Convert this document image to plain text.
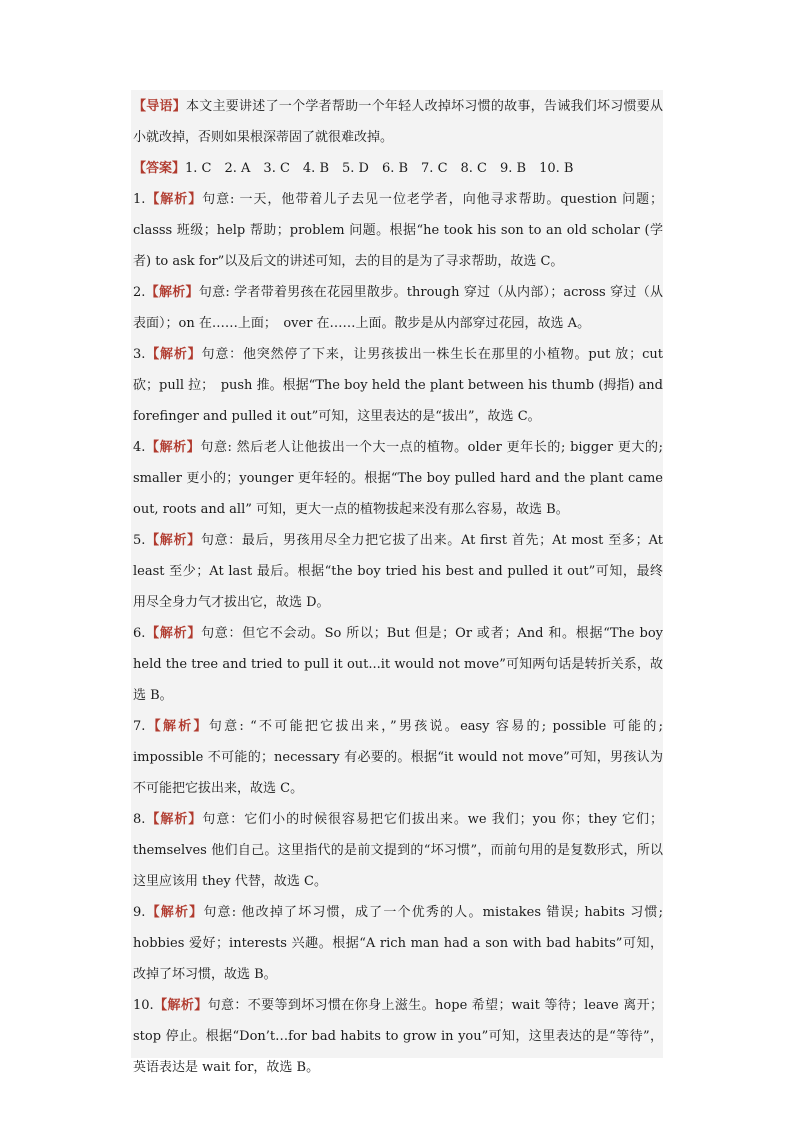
【导语】本文主要讲述了一个学者帮助一个年轻人改掉坏习惯的故事，告诫我们坏习惯要从小就改掉，否则如果根深蒂固了就很难改掉。

【答案】1. C　2. A　3. C　4. B　5. D　6. B　7. C　8. C　9. B　10. B

1.【解析】句意: 一天，他带着儿子去见一位老学者，向他寻求帮助。question 问题；classs 班级；help 帮助；problem 问题。根据“he took his son to an old scholar (学者) to ask for”以及后文的讲述可知，去的目的是为了寻求帮助，故选 C。

2.【解析】句意: 学者带着男孩在花园里散步。through 穿过（从内部）；across 穿过（从表面）；on 在……上面；　over 在……上面。散步是从内部穿过花园，故选 A。

3.【解析】句意：他突然停了下来，让男孩拔出一株生长在那里的小植物。put 放；cut 砍；pull 拉；　push 推。根据“The boy held the plant between his thumb (拇指) and forefinger and pulled it out”可知，这里表达的是“拔出”，故选 C。

4.【解析】句意: 然后老人让他拔出一个大一点的植物。older 更年长的; bigger 更大的; smaller 更小的；younger 更年轻的。根据“The boy pulled hard and the plant came out, roots and all” 可知，更大一点的植物拔起来没有那么容易，故选 B。

5.【解析】句意：最后，男孩用尽全力把它拔了出来。At first 首先；At most 至多；At least 至少；At last 最后。根据“the boy tried his best and pulled it out”可知，最终用尽全身力气才拔出它，故选 D。

6.【解析】句意：但它不会动。So 所以；But 但是；Or 或者；And 和。根据“The boy held the tree and tried to pull it out...it would not move”可知两句话是转折关系，故选 B。

7.【解析】句意: “不可能把它拔出来，”男孩说。easy 容易的; possible 可能的; impossible 不可能的；necessary 有必要的。根据“it would not move”可知，男孩认为不可能把它拔出来，故选 C。

8.【解析】句意：它们小的时候很容易把它们拔出来。we 我们；you 你；they 它们；themselves 他们自己。这里指代的是前文提到的“坏习惯”，而前句用的是复数形式，所以这里应该用 they 代替，故选 C。

9.【解析】句意: 他改掉了坏习惯，成了一个优秀的人。mistakes 错误; habits 习惯; hobbies 爱好；interests 兴趣。根据“A rich man had a son with bad habits”可知，改掉了坏习惯，故选 B。

10.【解析】句意：不要等到坏习惯在你身上滋生。hope 希望；wait 等待；leave 离开；stop 停止。根据“Don’t…for bad habits to grow in you”可知，这里表达的是“等待”，英语表达是 wait for，故选 B。
